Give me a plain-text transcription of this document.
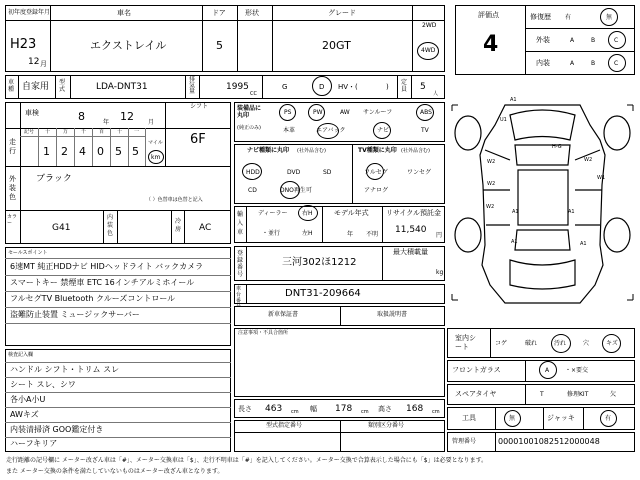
初年度登録年月
H23
12 月
車名
エクストレイル
ドア
5
形状	グレード
20GT
2WD
4WD
車種 自家用 型式	LDA-DNT31
排気量	1995
CC
G	D HV・(	)
定員 5
人
車検	8	年 12 月
シフト
6F
走行
記号 十	万	千	百	十 一
1 2 4 0 5 5
マイル
km
外装色
ブラック
（ ）色替車は色替と記入
カラー	G41
内装色
冷房 AC
セールスポイント
6速MT 純正HDDナビ HIDヘッドライト バックカメラ
スマートキー 禁煙車 ETC 16インチアルミホイール
フルセグTV Bluetooth クルーズコントロール
盗難防止装置 ミュージックサーバー
検査記入欄
ハンドル シフト・トリム スレ
シート スレ、シワ
各小A小U
AWキズ
内装清掃済 GOO鑑定付き
ハーフキリア
装備品に丸印
(純正のみ)
PS	PW	AW サンルーフ	ABS
本革	エアバック	ナビ	TV
ナビ種類に丸印 (社外品含む)
HDD	DVD	SD
CD	DNO再生可
TV種類に丸印 (社外品含む)
フルセグ	ワンセグ
アナログ
輸入車
ディーラー
・並行
右H
左H
モデル年式
年 不明
リサイクル預託金
11,540
円
登録番号
三河302ほ1212
最大積載量
kg
車台番
DNT31-209664
新車保証書	取扱説明書
注意事項・不具合箇所
長さ 463 cm 幅 178 cm 高さ 168 cm
型式指定番号	類別区分番号
評価点
4
修復歴 有	無
外装	A	B	C
内装	A	B	C
A1
U1
W2	W2
W1
W2
W2
A1	A1
A1	A1
H-G
室内シート	コゲ	破れ	汚れ	穴	キズ
フロントガラス	A	・×要交
スペアタイヤ	T	修理KIT	欠
工具	無	ジャッキ	有
管理番号	0000100108251200004​8
走行距離の記号欄に メーター改ざん車は「#」、メーター交換車は「$」、走行不明車は「#」を記入してください。メーター交換で合算表示した場合にも「$」は必要となります。
また メーター交換の条件を満たしていないものはメーター改ざん車となります。
